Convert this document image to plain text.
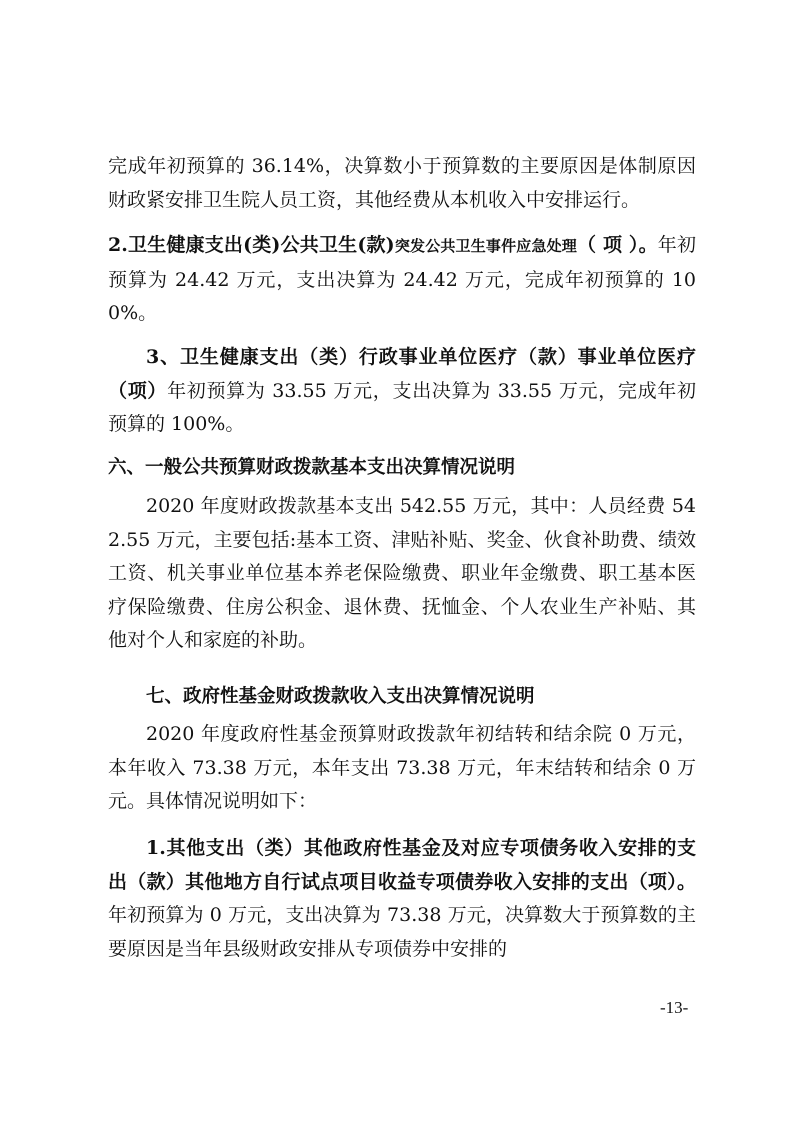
完成年初预算的 36.14%，决算数小于预算数的主要原因是体制原因财政紧安排卫生院人员工资，其他经费从本机收入中安排运行。
2.卫生健康支出(类)公共卫生(款)突发公共卫生事件应急处理（ 项 ）。年初预算为 24.42 万元，支出决算为 24.42 万元，完成年初预算的 100%。
3、卫生健康支出（类）行政事业单位医疗（款）事业单位医疗（项）年初预算为 33.55 万元，支出决算为 33.55 万元，完成年初预算的 100%。
六、一般公共预算财政拨款基本支出决算情况说明
2020 年度财政拨款基本支出 542.55 万元，其中：人员经费 542.55 万元，主要包括:基本工资、津贴补贴、奖金、伙食补助费、绩效工资、机关事业单位基本养老保险缴费、职业年金缴费、职工基本医疗保险缴费、住房公积金、退休费、抚恤金、个人农业生产补贴、其他对个人和家庭的补助。
七、政府性基金财政拨款收入支出决算情况说明
2020 年度政府性基金预算财政拨款年初结转和结余院 0 万元，本年收入 73.38 万元，本年支出 73.38 万元，年末结转和结余 0 万元。具体情况说明如下：
1.其他支出（类）其他政府性基金及对应专项债务收入安排的支出（款）其他地方自行试点项目收益专项债券收入安排的支出（项）。年初预算为 0 万元，支出决算为 73.38 万元，决算数大于预算数的主要原因是当年县级财政安排从专项债券中安排的
-13-
